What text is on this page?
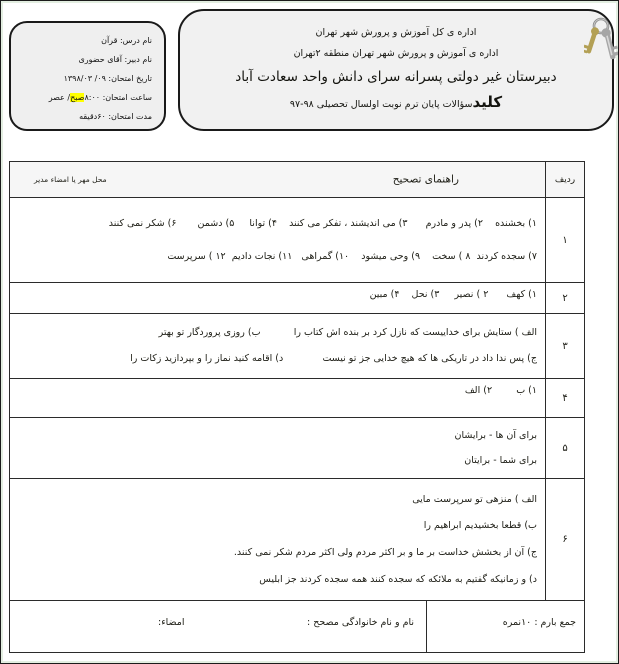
نام درس: قرآن
نام دبیر: آقای حضوری
تاریخ امتحان: ۰۹/ ۱۳۹۸/۰۳
ساعت امتحان: ۸:۰۰صبح/ عصر
مدت امتحان: ۶۰دقیقه
اداره ی کل آموزش و پرورش شهر تهران
اداره ی آموزش و پرورش شهر تهران منطقه ۲تهران
دبیرستان غیر دولتی پسرانه سرای دانش واحد سعادت آباد
کلیدسؤالات پایان ترم نوبت اولسال تحصیلی ۹۸-۹۷
ردیف
راهنمای تصحیح
محل مهر یا امضاء مدیر
۱
۱) بخشنده    ۲) پدر و مادرم      ۳) می اندیشند ، تفکر می کنند    ۴) توانا     ۵) دشمن       ۶) شکر نمی کنند
۷) سجده کردند  ۸ ) سخت    ۹) وحی میشود    ۱۰) گمراهی   ۱۱) نجات دادیم  ۱۲ ) سرپرست
۲
۱) کهف      ۲ ) نصیر     ۳) نحل    ۴) مبین
۳
الف ) ستایش برای خداییست که نازل کرد بر بنده اش کتاب را           ب) روزی پروردگار تو بهتر
ج) پس ندا داد در تاریکی ها که هیچ خدایی جز تو نیست             د) اقامه کنید نماز را و بپردازید زکات را
۴
۱) ب        ۲) الف
۵
برای آن ها - برایشان
برای شما - برایتان
۶
الف ) منزهی تو سرپرست مایی
ب) قطعا بخشیدیم ابراهیم را
ج) آن از بخشش خداست بر ما و بر اکثر مردم ولی اکثر مردم شکر نمی کنند.
د) و زمانیکه گفتیم به ملائکه که سجده کنند همه سجده کردند جز ابلیس
جمع بارم : ۱۰نمره
نام و نام خانوادگی مصحح :
امضاء:
